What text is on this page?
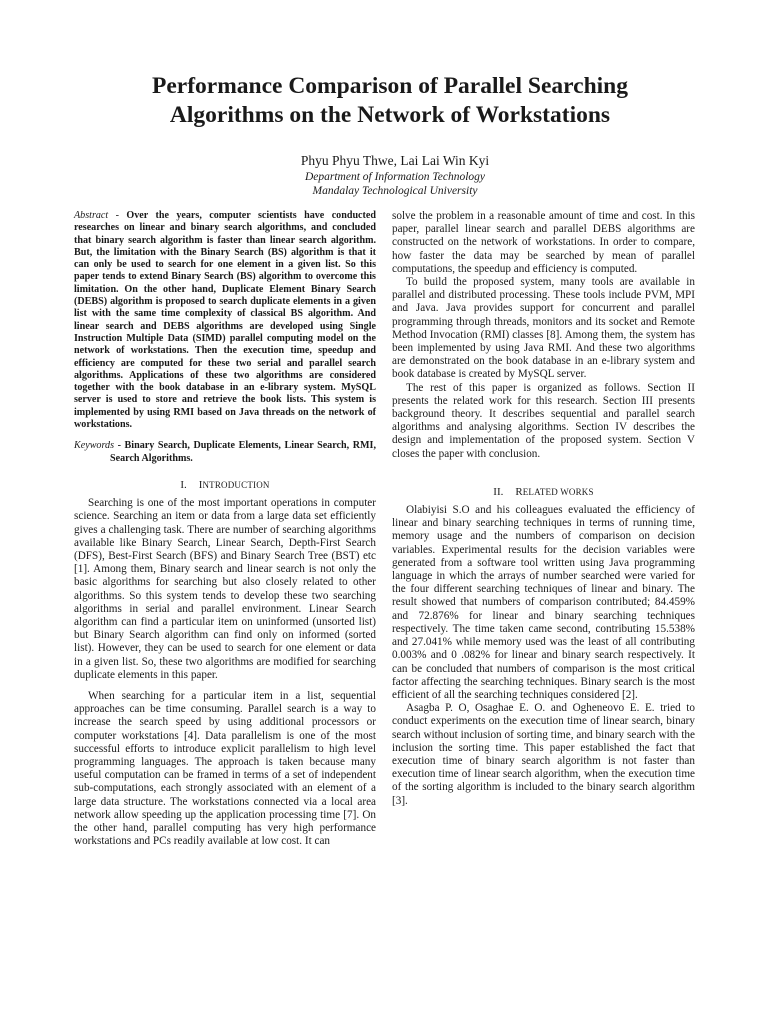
Performance Comparison of Parallel Searching
Algorithms on the Network of Workstations

Phyu Phyu Thwe, Lai Lai Win Kyi

Department of Information Technology

Mandalay Technological University

Abstract - Over the years, computer scientists have conducted researches on linear and binary search algorithms, and concluded that binary search algorithm is faster than linear search algorithm. But, the limitation with the Binary Search (BS) algorithm is that it can only be used to search for one element in a given list. So this paper tends to extend Binary Search (BS) algorithm to overcome this limitation. On the other hand, Duplicate Element Binary Search (DEBS) algorithm is proposed to search duplicate elements in a given list with the same time complexity of classical BS algorithm. And linear search and DEBS algorithms are developed using Single Instruction Multiple Data (SIMD) parallel computing model on the network of workstations. Then the execution time, speedup and efficiency are computed for these two serial and parallel search algorithms. Applications of these two algorithms are considered together with the book database in an e-library system. MySQL server is used to store and retrieve the book lists. This system is implemented by using RMI based on Java threads on the network of workstations.

Keywords - Binary Search, Duplicate Elements, Linear Search, RMI, Search Algorithms.

I. INTRODUCTION

Searching is one of the most important operations in computer science. Searching an item or data from a large data set efficiently gives a challenging task. There are number of searching algorithms available like Binary Search, Linear Search, Depth-First Search (DFS), Best-First Search (BFS) and Binary Search Tree (BST) etc [1]. Among them, Binary search and linear search is not only the basic algorithms for searching but also closely related to other algorithms. So this system tends to develop these two searching algorithms in serial and parallel environment. Linear Search algorithm can find a particular item on uninformed (unsorted list) but Binary Search algorithm can find only on informed (sorted list). However, they can be used to search for one element or data in a given list. So, these two algorithms are modified for searching duplicate elements in this paper.

When searching for a particular item in a list, sequential approaches can be time consuming. Parallel search is a way to increase the search speed by using additional processors or computer workstations [4]. Data parallelism is one of the most successful efforts to introduce explicit parallelism to high level programming languages. The approach is taken because many useful computation can be framed in terms of a set of independent sub-computations, each strongly associated with an element of a large data structure. The workstations connected via a local area network allow speeding up the application processing time [7]. On the other hand, parallel computing has very high performance workstations and PCs readily available at low cost. It can

solve the problem in a reasonable amount of time and cost. In this paper, parallel linear search and parallel DEBS algorithms are constructed on the network of workstations. In order to compare, how faster the data may be searched by mean of parallel computations, the speedup and efficiency is computed.

To build the proposed system, many tools are available in parallel and distributed processing. These tools include PVM, MPI and Java. Java provides support for concurrent and parallel programming through threads, monitors and its socket and Remote Method Invocation (RMI) classes [8]. Among them, the system has been implemented by using Java RMI. And these two algorithms are demonstrated on the book database in an e-library system and book database is created by MySQL server.

The rest of this paper is organized as follows. Section II presents the related work for this research. Section III presents background theory. It describes sequential and parallel search algorithms and analysing algorithms. Section IV describes the design and implementation of the proposed system. Section V closes the paper with conclusion.

II. RELATED WORKS

Olabiyisi S.O and his colleagues evaluated the efficiency of linear and binary searching techniques in terms of running time, memory usage and the numbers of comparison on decision variables. Experimental results for the decision variables were generated from a software tool written using Java programming language in which the arrays of number searched were varied for the four different searching techniques of linear and binary. The result showed that numbers of comparison contributed; 84.459% and 72.876% for linear and binary searching techniques respectively. The time taken came second, contributing 15.538% and 27.041% while memory used was the least of all contributing 0.003% and 0 .082% for linear and binary search respectively. It can be concluded that numbers of comparison is the most critical factor affecting the searching techniques. Binary search is the most efficient of all the searching techniques considered [2].

Asagba P. O, Osaghae E. O. and Ogheneovo E. E. tried to conduct experiments on the execution time of linear search, binary search without inclusion of sorting time, and binary search with the inclusion the sorting time. This paper established the fact that execution time of binary search algorithm is not faster than execution time of linear search algorithm, when the execution time of the sorting algorithm is included to the binary search algorithm [3].
